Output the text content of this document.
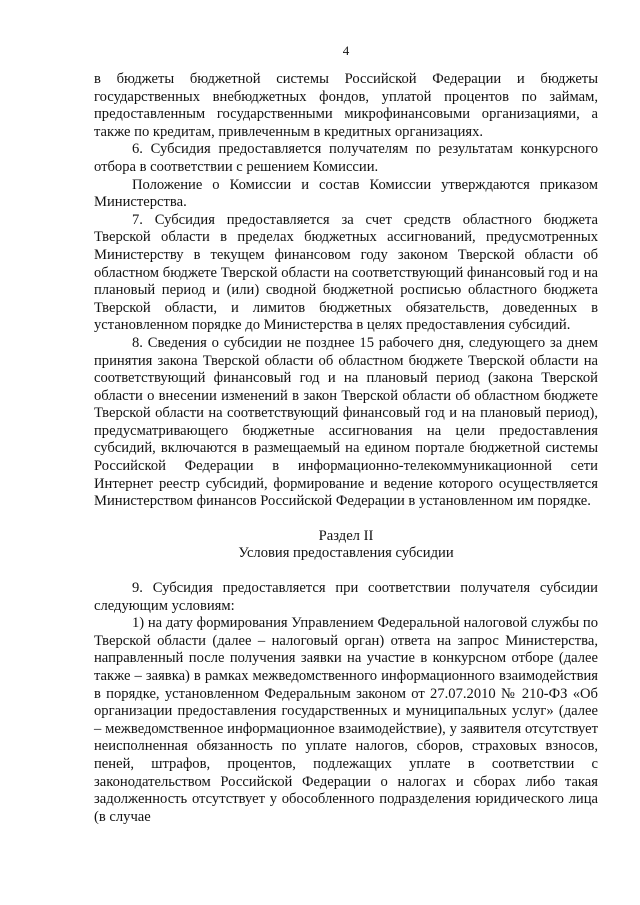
4

в бюджеты бюджетной системы Российской Федерации и бюджеты государственных внебюджетных фондов, уплатой процентов по займам, предоставленным государственными микрофинансовыми организациями, а также по кредитам, привлеченным в кредитных организациях.

6. Субсидия предоставляется получателям по результатам конкурсного отбора в соответствии с решением Комиссии.

Положение о Комиссии и состав Комиссии утверждаются приказом Министерства.

7. Субсидия предоставляется за счет средств областного бюджета Тверской области в пределах бюджетных ассигнований, предусмотренных Министерству в текущем финансовом году законом Тверской области об областном бюджете Тверской области на соответствующий финансовый год и на плановый период и (или) сводной бюджетной росписью областного бюджета Тверской области, и лимитов бюджетных обязательств, доведенных в установленном порядке до Министерства в целях предоставления субсидий.

8. Сведения о субсидии не позднее 15 рабочего дня, следующего за днем принятия закона Тверской области об областном бюджете Тверской области на соответствующий финансовый год и на плановый период (закона Тверской области о внесении изменений в закон Тверской области об областном бюджете Тверской области на соответствующий финансовый год и на плановый период), предусматривающего бюджетные ассигнования на цели предоставления субсидий, включаются в размещаемый на едином портале бюджетной системы Российской Федерации в информационно-телекоммуникационной сети Интернет реестр субсидий, формирование и ведение которого осуществляется Министерством финансов Российской Федерации в установленном им порядке.

Раздел II

Условия предоставления субсидии

9. Субсидия предоставляется при соответствии получателя субсидии следующим условиям:

1) на дату формирования Управлением Федеральной налоговой службы по Тверской области (далее – налоговый орган) ответа на запрос Министерства, направленный после получения заявки на участие в конкурсном отборе (далее также – заявка) в рамках межведомственного информационного взаимодействия в порядке, установленном Федеральным законом от 27.07.2010 № 210-ФЗ «Об организации предоставления государственных и муниципальных услуг» (далее – межведомственное информационное взаимодействие), у заявителя отсутствует неисполненная обязанность по уплате налогов, сборов, страховых взносов, пеней, штрафов, процентов, подлежащих уплате в соответствии с законодательством Российской Федерации о налогах и сборах либо такая задолженность отсутствует у обособленного подразделения юридического лица (в случае
